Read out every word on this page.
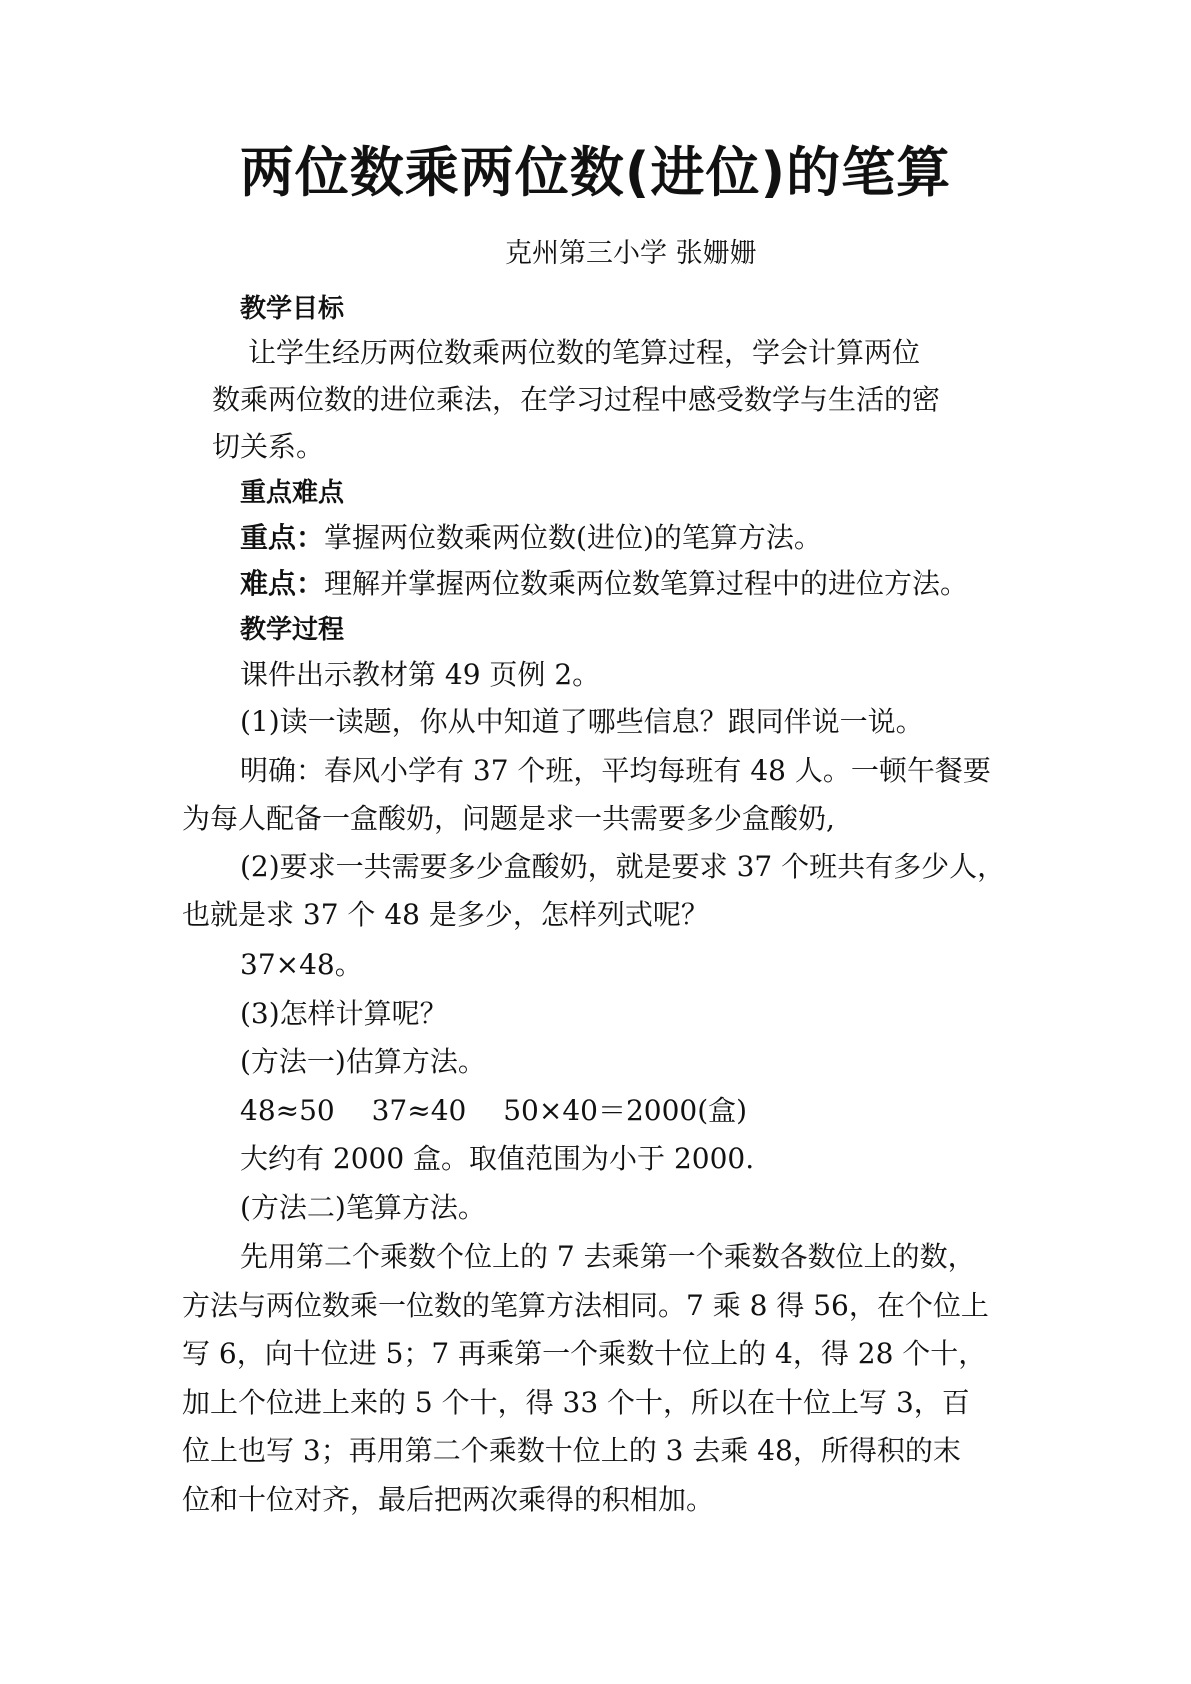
两位数乘两位数(进位)的笔算
克州第三小学 张姗姗
教学目标
让学生经历两位数乘两位数的笔算过程，学会计算两位
数乘两位数的进位乘法，在学习过程中感受数学与生活的密
切关系。
重点难点
重点：掌握两位数乘两位数(进位)的笔算方法。
难点：理解并掌握两位数乘两位数笔算过程中的进位方法。
教学过程
课件出示教材第 49 页例 2。
(1)读一读题，你从中知道了哪些信息？跟同伴说一说。
明确：春风小学有 37 个班，平均每班有 48 人。一顿午餐要
为每人配备一盒酸奶，问题是求一共需要多少盒酸奶,
(2)要求一共需要多少盒酸奶，就是要求 37 个班共有多少人，
也就是求 37 个 48 是多少，怎样列式呢？
37×48。
(3)怎样计算呢？
(方法一)估算方法。
48≈50　 37≈40　 50×40＝2000(盒)
大约有 2000 盒。取值范围为小于 2000.
(方法二)笔算方法。
先用第二个乘数个位上的 7 去乘第一个乘数各数位上的数，
方法与两位数乘一位数的笔算方法相同。7 乘 8 得 56，在个位上
写 6，向十位进 5；7 再乘第一个乘数十位上的 4，得 28 个十，
加上个位进上来的 5 个十，得 33 个十，所以在十位上写 3，百
位上也写 3；再用第二个乘数十位上的 3 去乘 48，所得积的末
位和十位对齐，最后把两次乘得的积相加。
